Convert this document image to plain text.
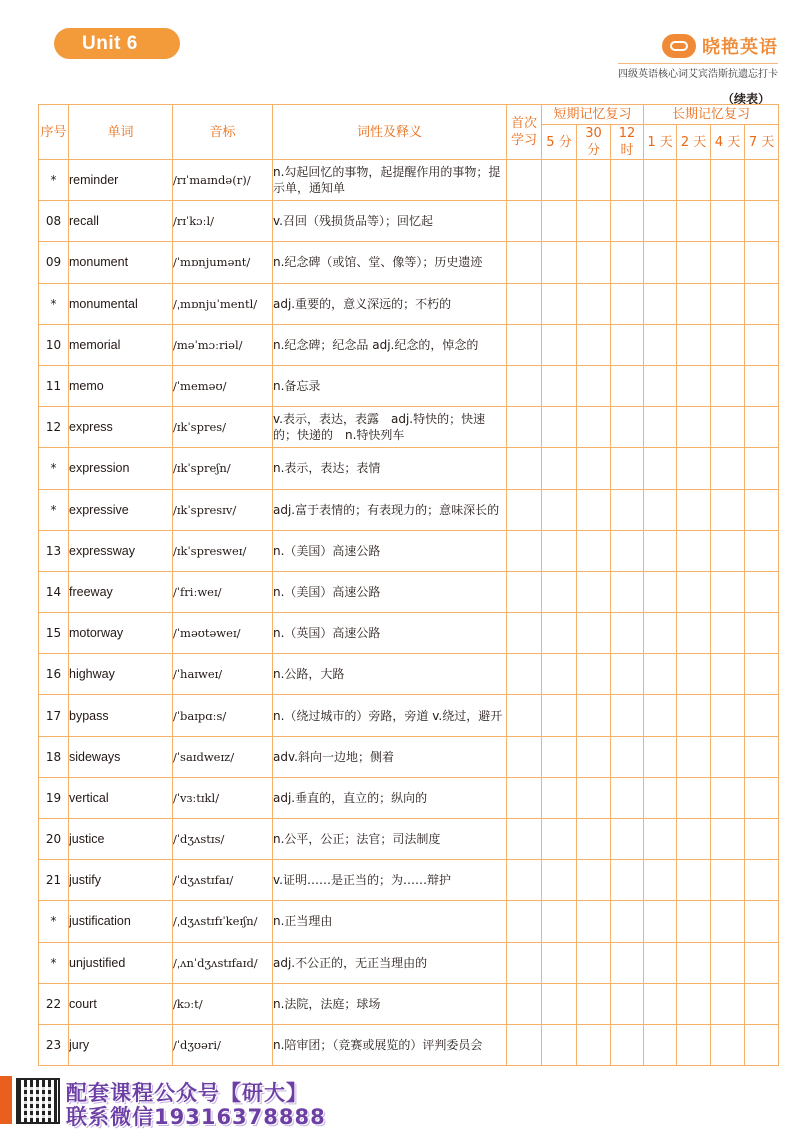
Unit 6	晓艳英语
四级英语核心词艾宾浩斯抗遗忘打卡
（续表）
序号	单词	音标	词性及释义	首次学习	短期记忆复习			长期记忆复习			
					5 分	30 分	12 时	1 天	2 天	4 天	7 天
*	reminder	/rɪˈmaɪndə(r)/	n.勾起回忆的事物，起提醒作用的事物；提示单，通知单								
08	recall	/rɪˈkɔːl/	v.召回（残损货品等）；回忆起								
09	monument	/ˈmɒnjumənt/	n.纪念碑（或馆、堂、像等）；历史遗迹								
*	monumental	/ˌmɒnjuˈmentl/	adj.重要的，意义深远的；不朽的								
10	memorial	/məˈmɔːriəl/	n.纪念碑；纪念品 adj.纪念的，悼念的								
11	memo	/ˈmeməʊ/	n.备忘录								
12	express	/ɪkˈspres/	v.表示，表达，表露　adj.特快的；快速的；快递的　n.特快列车								
*	expression	/ɪkˈspreʃn/	n.表示，表达；表情								
*	expressive	/ɪkˈspresɪv/	adj.富于表情的；有表现力的；意味深长的								
13	expressway	/ɪkˈspresweɪ/	n.（美国）高速公路								
14	freeway	/ˈfriːweɪ/	n.（美国）高速公路								
15	motorway	/ˈməʊtəweɪ/	n.（英国）高速公路								
16	highway	/ˈhaɪweɪ/	n.公路，大路								
17	bypass	/ˈbaɪpɑːs/	n.（绕过城市的）旁路，旁道 v.绕过，避开								
18	sideways	/ˈsaɪdweɪz/	adv.斜向一边地；侧着								
19	vertical	/ˈvɜːtɪkl/	adj.垂直的，直立的；纵向的								
20	justice	/ˈdʒʌstɪs/	n.公平，公正；法官；司法制度								
21	justify	/ˈdʒʌstɪfaɪ/	v.证明……是正当的；为……辩护								
*	justification	/ˌdʒʌstɪfɪˈkeɪʃn/	n.正当理由								
*	unjustified	/ˌʌnˈdʒʌstɪfaɪd/	adj.不公正的，无正当理由的								
22	court	/kɔːt/	n.法院，法庭；球场								
23	jury	/ˈdʒʊəri/	n.陪审团；（竞赛或展览的）评判委员会								
配套课程公众号【研大】
联系微信19316378888
